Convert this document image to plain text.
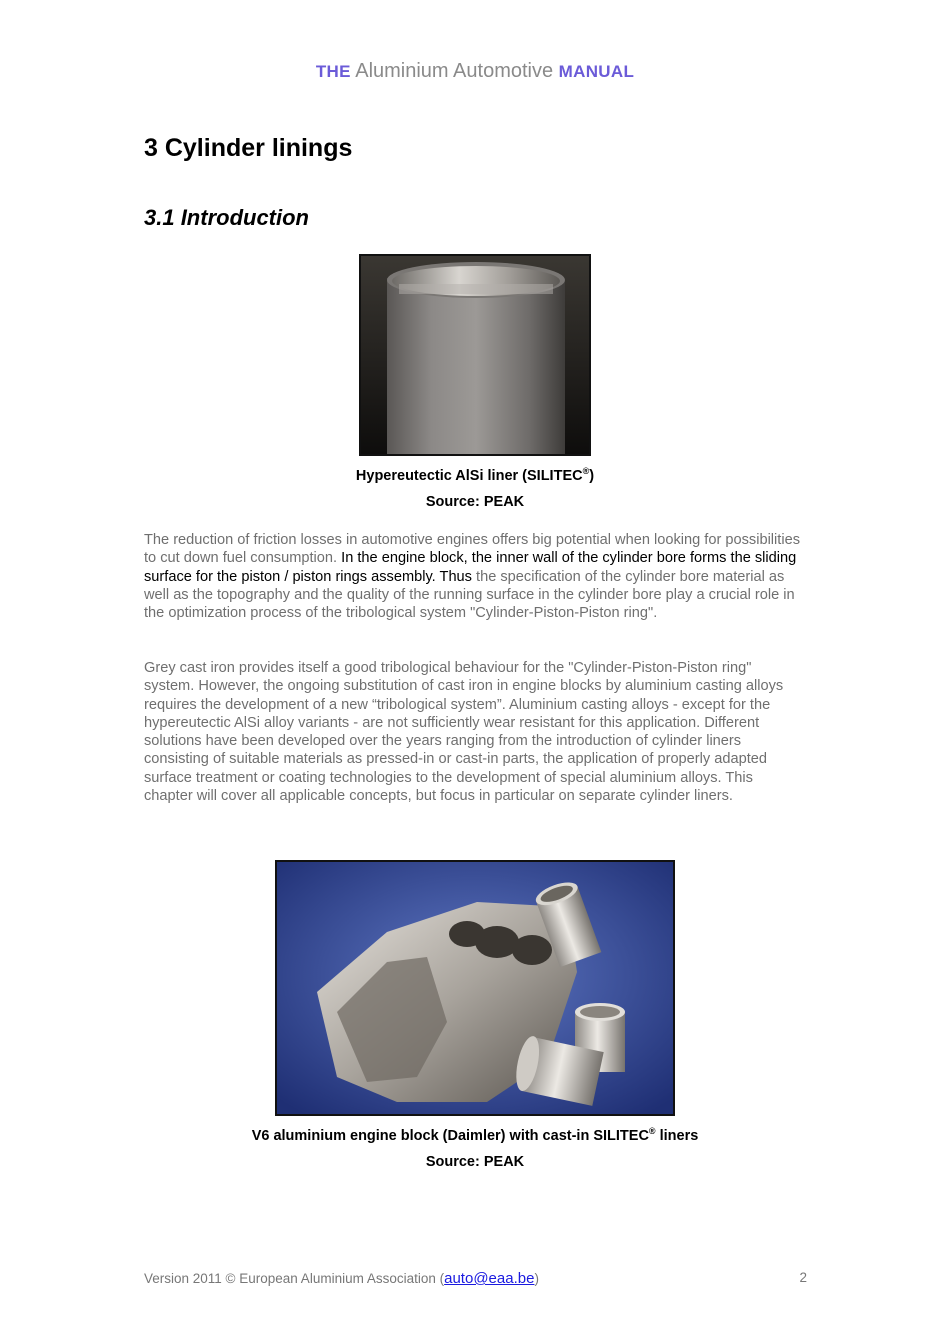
THE Aluminium Automotive MANUAL
3 Cylinder linings
3.1 Introduction
Hypereutectic AlSi liner (SILITEC®)
Source: PEAK

The reduction of friction losses in automotive engines offers big potential when looking for possibilities to cut down fuel consumption. In the engine block, the inner wall of the cylinder bore forms the sliding surface for the piston / piston rings assembly. Thus the specification of the cylinder bore material as well as the topography and the quality of the running surface in the cylinder bore play a crucial role in the optimization process of the tribological system "Cylinder-Piston-Piston ring".

Grey cast iron provides itself a good tribological behaviour for the "Cylinder-Piston-Piston ring" system. However, the ongoing substitution of cast iron in engine blocks by aluminium casting alloys requires the development of a new “tribological system”. Aluminium casting alloys - except for the hypereutectic AlSi alloy variants - are not sufficiently wear resistant for this application. Different solutions have been developed over the years ranging from the introduction of cylinder liners consisting of suitable materials as pressed-in or cast-in parts, the application of properly adapted surface treatment or coating technologies to the development of special aluminium alloys. This chapter will cover all applicable concepts, but focus in particular on separate cylinder liners.

V6 aluminium engine block (Daimler) with cast-in SILITEC® liners
Source: PEAK
Version 2011 © European Aluminium Association (auto@eaa.be)	2
